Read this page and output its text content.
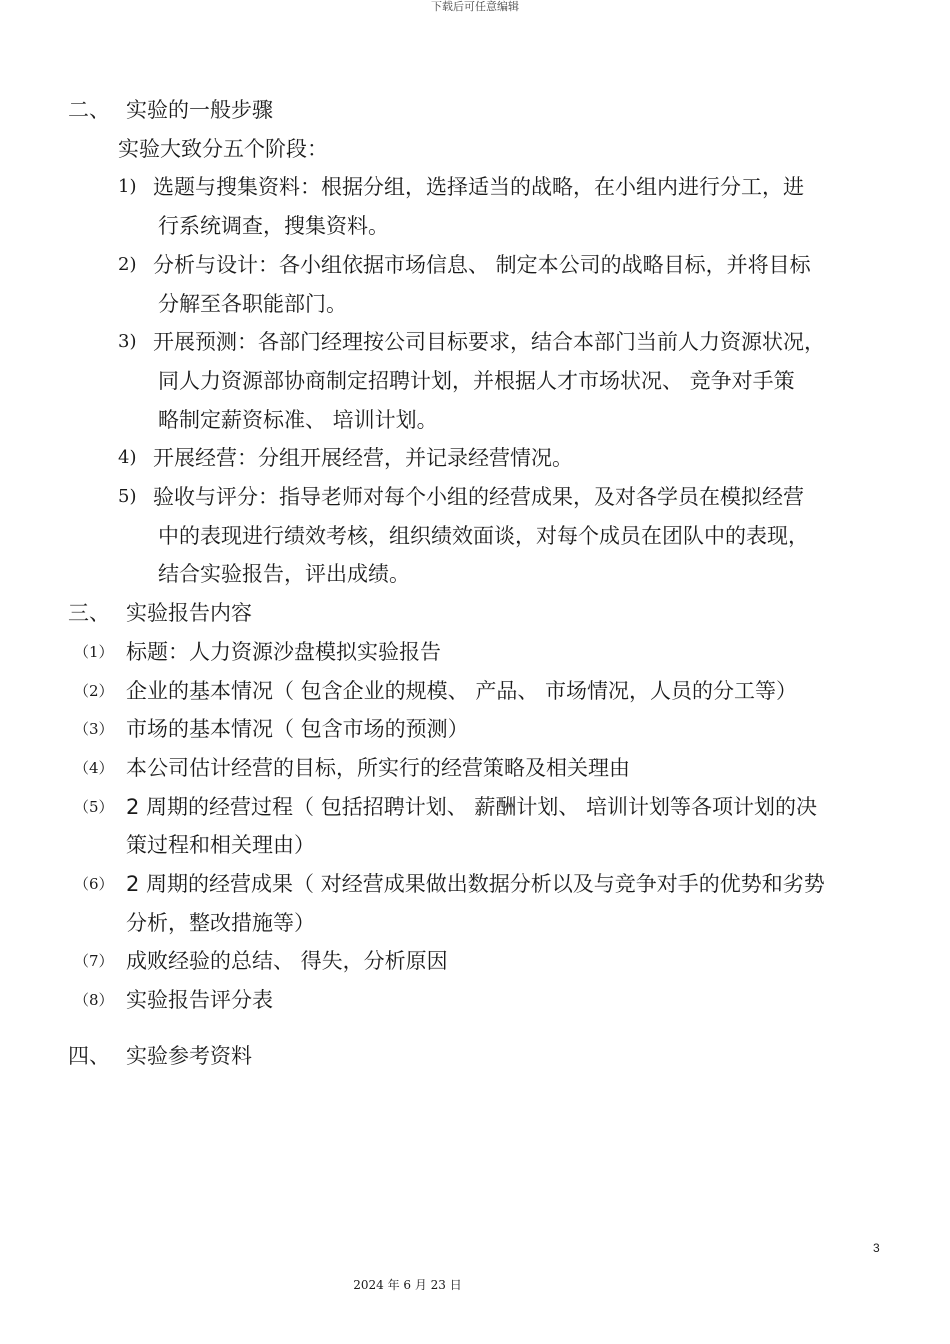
下载后可任意编辑
二、 实验的一般步骤
实验大致分五个阶段：
1) 选题与搜集资料：根据分组，选择适当的战略，在小组内进行分工，进
行系统调查，搜集资料。
2) 分析与设计：各小组依据市场信息、 制定本公司的战略目标，并将目标
分解至各职能部门。
3) 开展预测：各部门经理按公司目标要求，结合本部门当前人力资源状况，
同人力资源部协商制定招聘计划，并根据人才市场状况、 竞争对手策
略制定薪资标准、 培训计划。
4) 开展经营：分组开展经营，并记录经营情况。
5) 验收与评分：指导老师对每个小组的经营成果，及对各学员在模拟经营
中的表现进行绩效考核，组织绩效面谈，对每个成员在团队中的表现，
结合实验报告，评出成绩。
三、 实验报告内容
（1） 标题：人力资源沙盘模拟实验报告
（2） 企业的基本情况（ 包含企业的规模、 产品、 市场情况，人员的分工等）
（3） 市场的基本情况（ 包含市场的预测）
（4） 本公司估计经营的目标，所实行的经营策略及相关理由
（5） 2 周期的经营过程（ 包括招聘计划、 薪酬计划、 培训计划等各项计划的决
策过程和相关理由）
（6） 2 周期的经营成果（ 对经营成果做出数据分析以及与竞争对手的优势和劣势
分析，整改措施等）
（7） 成败经验的总结、 得失，分析原因
（8） 实验报告评分表
四、 实验参考资料
3
2024 年 6 月 23 日
